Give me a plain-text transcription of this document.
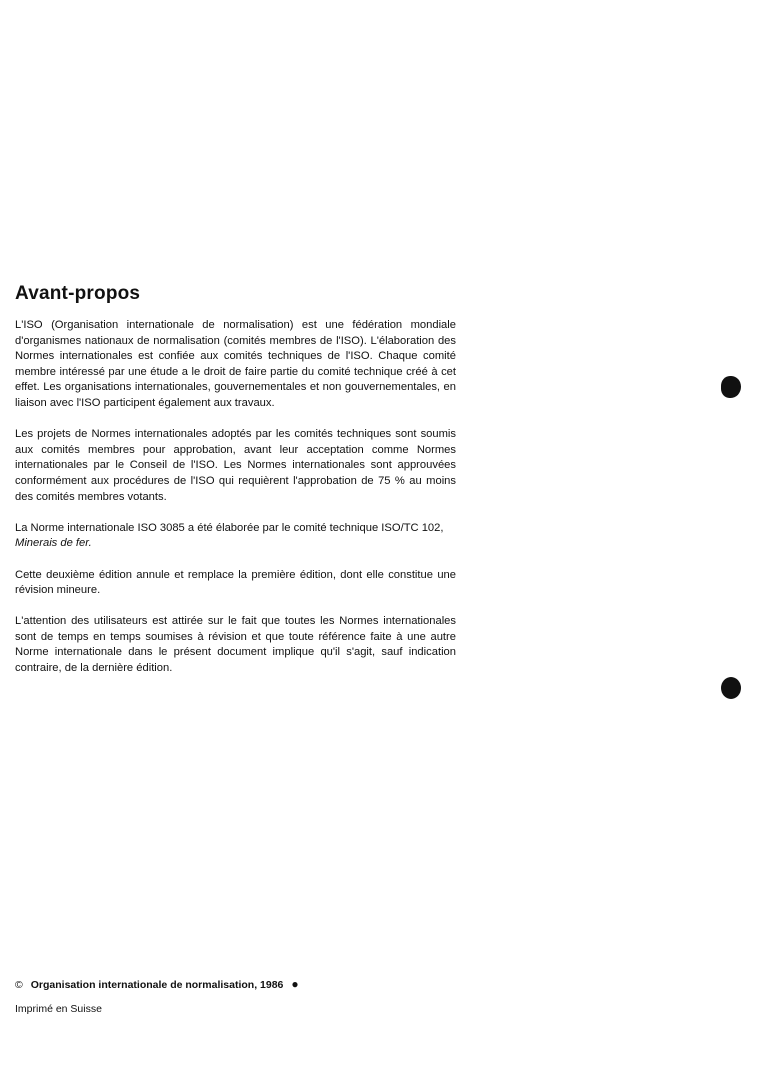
Avant-propos

L'ISO (Organisation internationale de normalisation) est une fédération mondiale d'organismes nationaux de normalisation (comités membres de l'ISO). L'élaboration des Normes internationales est confiée aux comités techniques de l'ISO. Chaque comité membre intéressé par une étude a le droit de faire partie du comité technique créé à cet effet. Les organisations internationales, gouvernementales et non gouvernementales, en liaison avec l'ISO participent également aux travaux.

Les projets de Normes internationales adoptés par les comités techniques sont soumis aux comités membres pour approbation, avant leur acceptation comme Normes internationales par le Conseil de l'ISO. Les Normes internationales sont approuvées conformément aux procédures de l'ISO qui requièrent l'approbation de 75 % au moins des comités membres votants.

La Norme internationale ISO 3085 a été élaborée par le comité technique ISO/TC 102,
Minerais de fer.

Cette deuxième édition annule et remplace la première édition, dont elle constitue une révision mineure.

L'attention des utilisateurs est attirée sur le fait que toutes les Normes internationales sont de temps en temps soumises à révision et que toute référence faite à une autre Norme internationale dans le présent document implique qu'il s'agit, sauf indication contraire, de la dernière édition.

© Organisation internationale de normalisation, 1986 ●
Imprimé en Suisse
